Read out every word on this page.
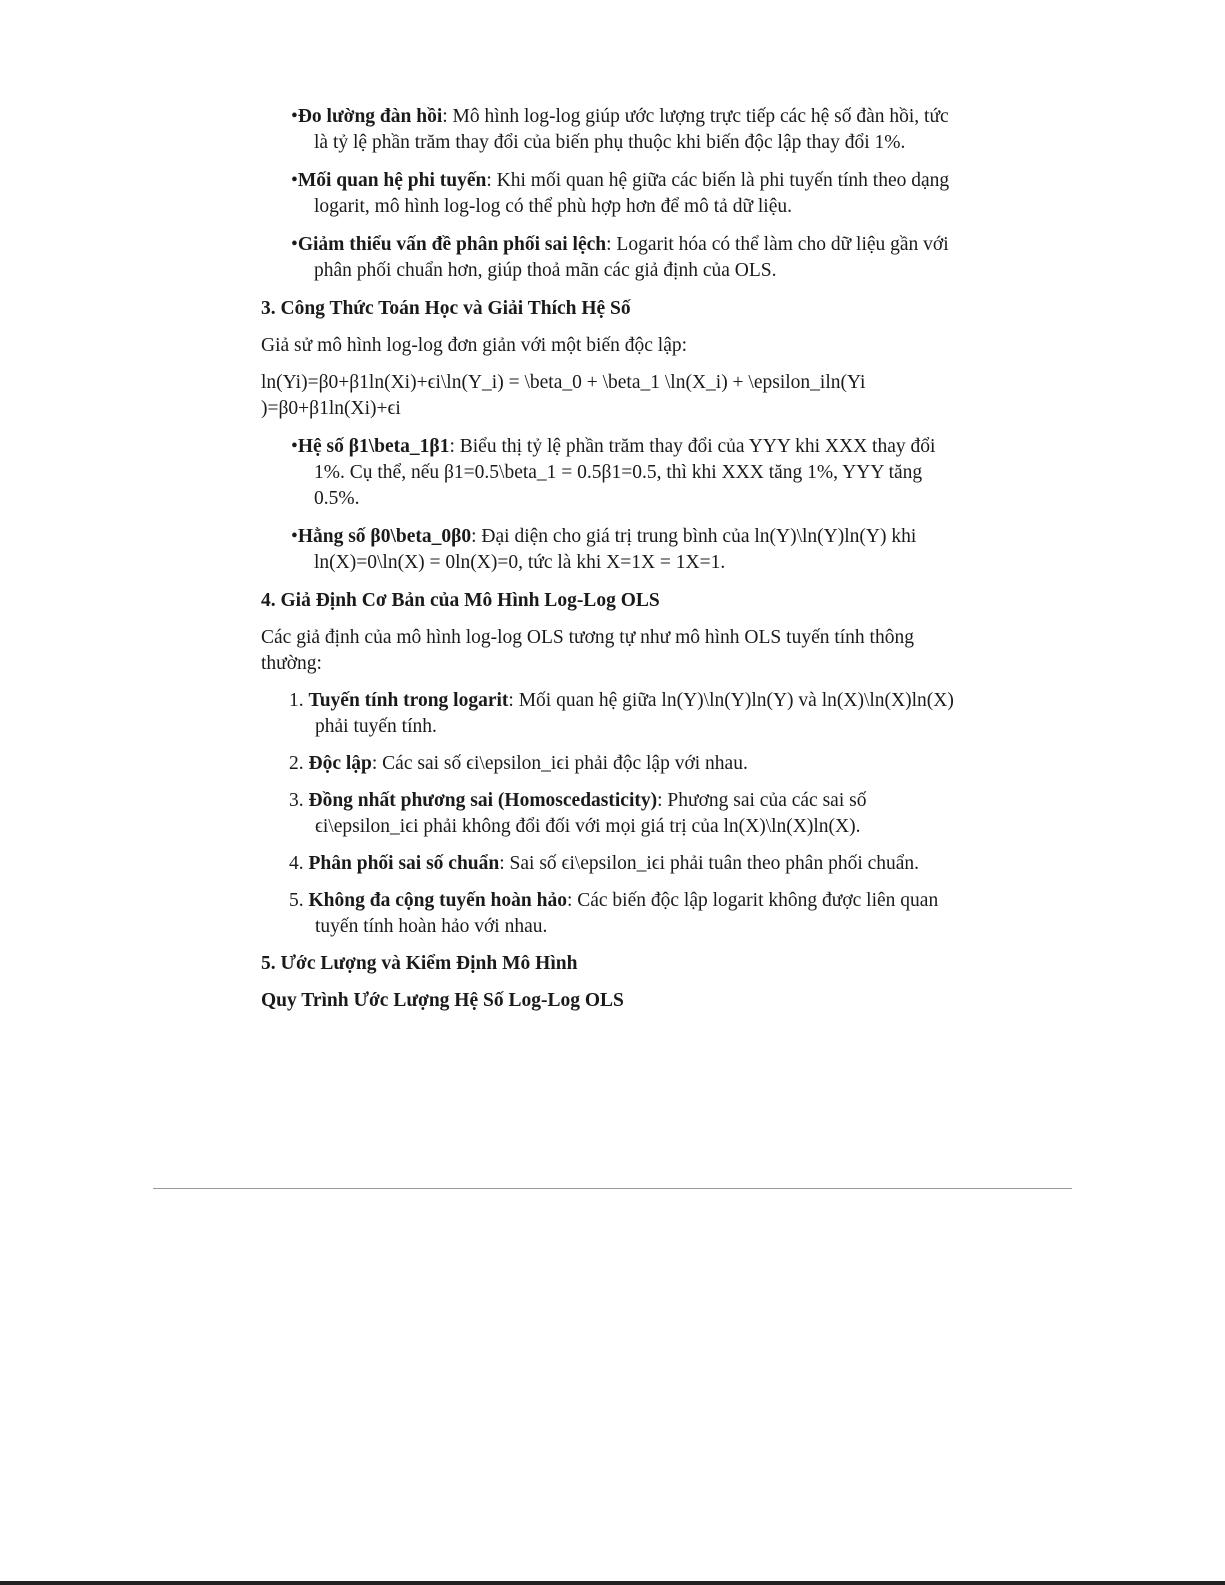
•Đo lường đàn hồi: Mô hình log-log giúp ước lượng trực tiếp các hệ số đàn hồi, tức là tỷ lệ phần trăm thay đổi của biến phụ thuộc khi biến độc lập thay đổi 1%.
•Mối quan hệ phi tuyến: Khi mối quan hệ giữa các biến là phi tuyến tính theo dạng logarit, mô hình log-log có thể phù hợp hơn để mô tả dữ liệu.
•Giảm thiểu vấn đề phân phối sai lệch: Logarit hóa có thể làm cho dữ liệu gần với phân phối chuẩn hơn, giúp thoả mãn các giả định của OLS.
3. Công Thức Toán Học và Giải Thích Hệ Số
Giả sử mô hình log-log đơn giản với một biến độc lập:
ln(Yi)=β0+β1ln(Xi)+ϵi\ln(Y_i) = \beta_0 + \beta_1 \ln(X_i) + \epsilon_iln(Yi
)=β0+β1ln(Xi)+ϵi
•Hệ số β1\beta_1β1: Biểu thị tỷ lệ phần trăm thay đổi của YYY khi XXX thay đổi 1%. Cụ thể, nếu β1=0.5\beta_1 = 0.5β1=0.5, thì khi XXX tăng 1%, YYY tăng 0.5%.
•Hằng số β0\beta_0β0: Đại diện cho giá trị trung bình của ln(Y)\ln(Y)ln(Y) khi ln(X)=0\ln(X) = 0ln(X)=0, tức là khi X=1X = 1X=1.
4. Giả Định Cơ Bản của Mô Hình Log-Log OLS
Các giả định của mô hình log-log OLS tương tự như mô hình OLS tuyến tính thông thường:
1. Tuyến tính trong logarit: Mối quan hệ giữa ln(Y)\ln(Y)ln(Y) và ln(X)\ln(X)ln(X) phải tuyến tính.
2. Độc lập: Các sai số ϵi\epsilon_iϵi phải độc lập với nhau.
3. Đồng nhất phương sai (Homoscedasticity): Phương sai của các sai số ϵi\epsilon_iϵi phải không đổi đối với mọi giá trị của ln(X)\ln(X)ln(X).
4. Phân phối sai số chuẩn: Sai số ϵi\epsilon_iϵi phải tuân theo phân phối chuẩn.
5. Không đa cộng tuyến hoàn hảo: Các biến độc lập logarit không được liên quan tuyến tính hoàn hảo với nhau.
5. Ước Lượng và Kiểm Định Mô Hình
Quy Trình Ước Lượng Hệ Số Log-Log OLS
